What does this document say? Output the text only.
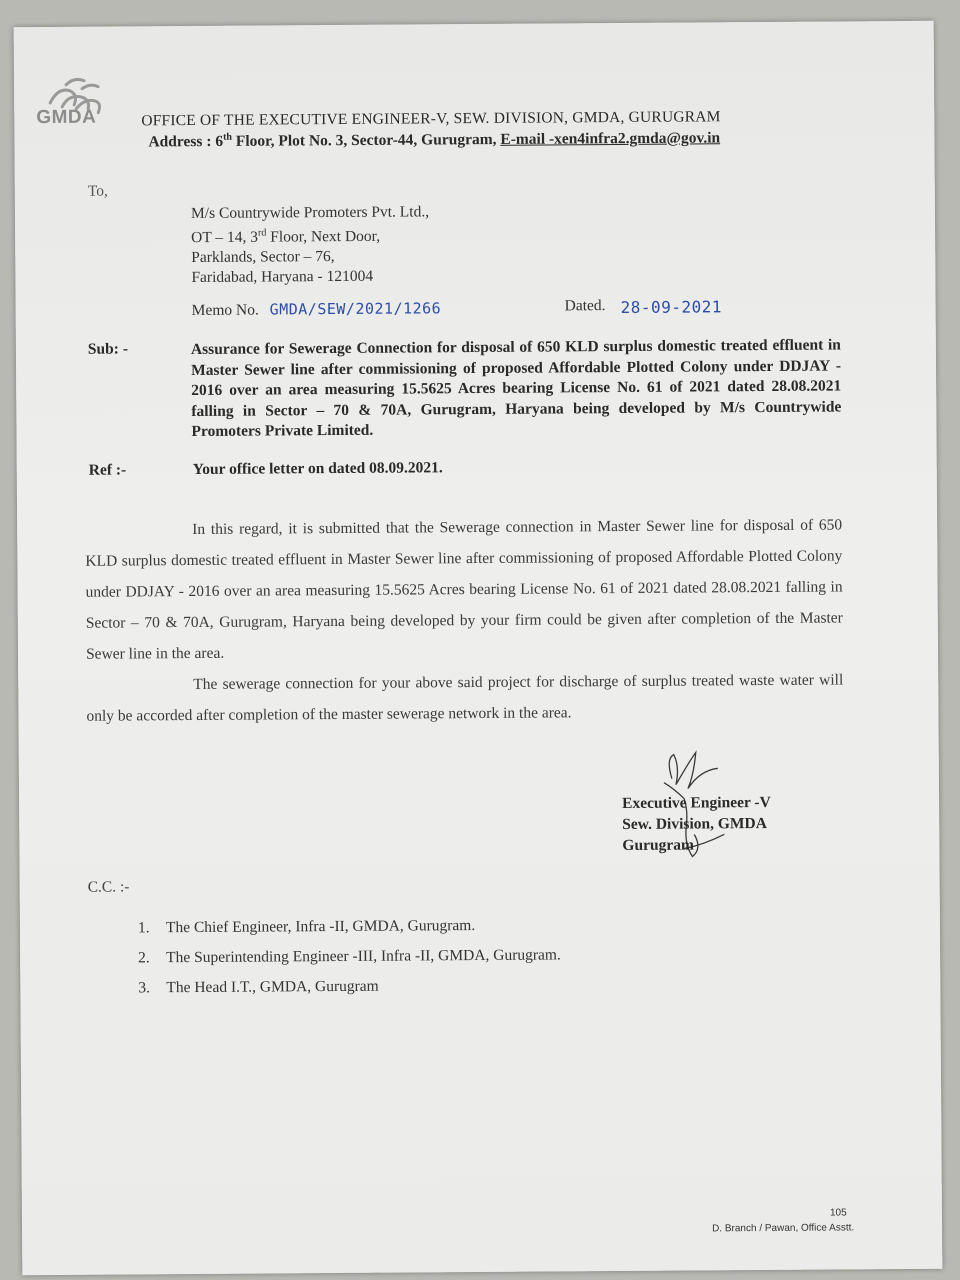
GMDA	OFFICE OF THE EXECUTIVE ENGINEER-V, SEW. DIVISION, GMDA, GURUGRAM
Address : 6th Floor, Plot No. 3, Sector-44, Gurugram, E-mail -xen4infra2.gmda@gov.in
To,
M/s Countrywide Promoters Pvt. Ltd.,
OT – 14, 3rd Floor, Next Door,
Parklands, Sector – 76,
Faridabad, Haryana - 121004
Memo No. GMDA/SEW/2021/1266	Dated. 28-09-2021
Sub: -	Assurance for Sewerage Connection for disposal of 650 KLD surplus domestic treated effluent in Master Sewer line after commissioning of proposed Affordable Plotted Colony under DDJAY - 2016 over an area measuring 15.5625 Acres bearing License No. 61 of 2021 dated 28.08.2021 falling in Sector – 70 & 70A, Gurugram, Haryana being developed by M/s Countrywide Promoters Private Limited.
Ref :-	Your office letter on dated 08.09.2021.
In this regard, it is submitted that the Sewerage connection in Master Sewer line for disposal of 650 KLD surplus domestic treated effluent in Master Sewer line after commissioning of proposed Affordable Plotted Colony under DDJAY - 2016 over an area measuring 15.5625 Acres bearing License No. 61 of 2021 dated 28.08.2021 falling in Sector – 70 & 70A, Gurugram, Haryana being developed by your firm could be given after completion of the Master Sewer line in the area.
The sewerage connection for your above said project for discharge of surplus treated waste water will only be accorded after completion of the master sewerage network in the area.
Executive Engineer -V
Sew. Division, GMDA
Gurugram
C.C. :-
1. The Chief Engineer, Infra -II, GMDA, Gurugram.
2. The Superintending Engineer -III, Infra -II, GMDA, Gurugram.
3. The Head I.T., GMDA, Gurugram
105
D. Branch / Pawan, Office Asstt.
